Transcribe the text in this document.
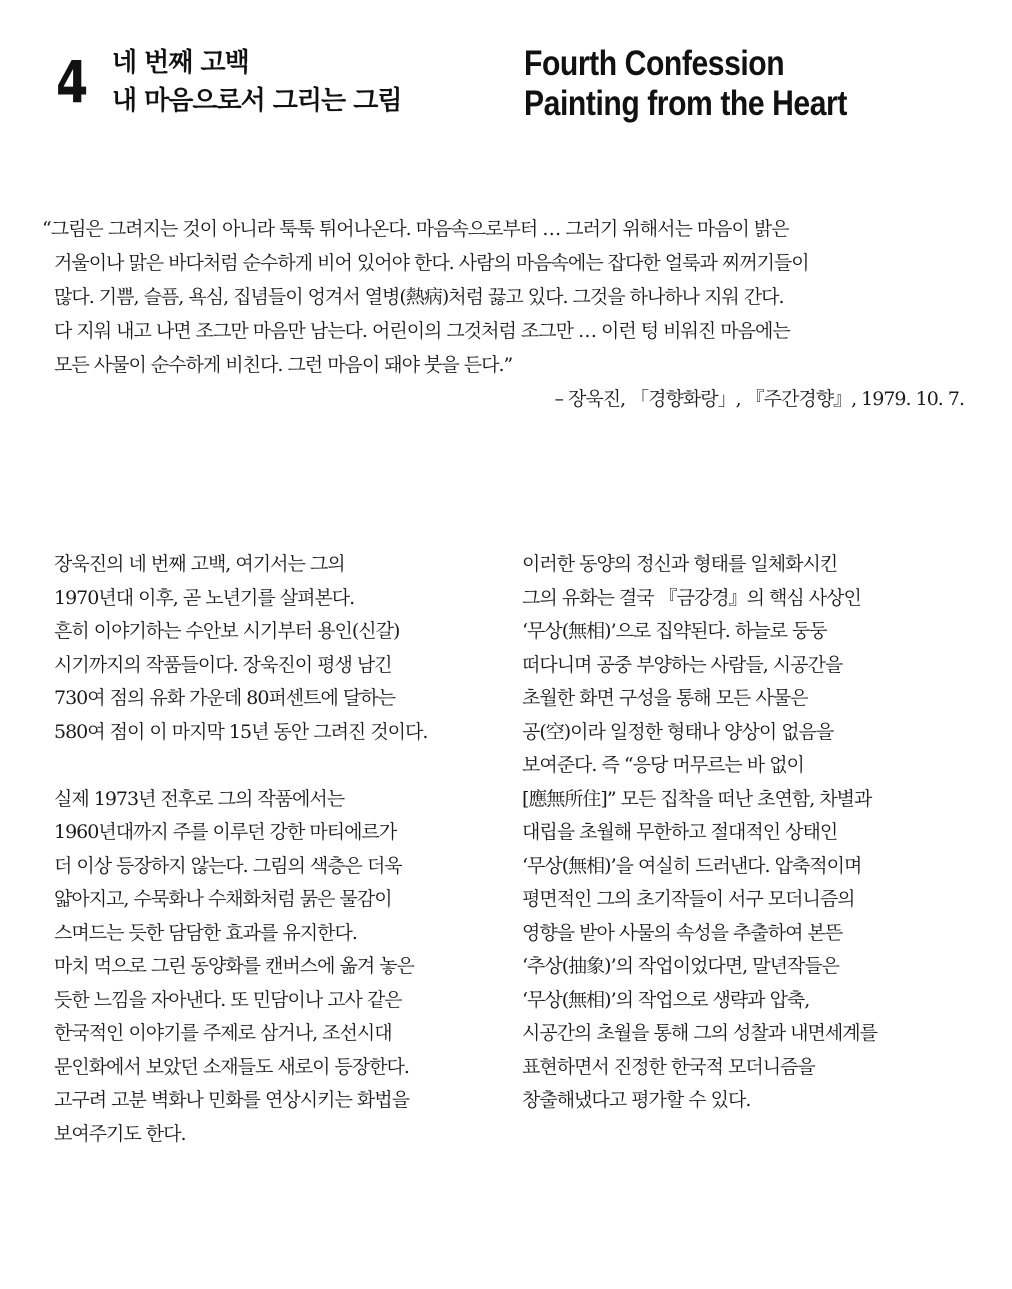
4 네 번째 고백
내 마음으로서 그리는 그림
Fourth Confession
Painting from the Heart
“그림은 그려지는 것이 아니라 툭툭 튀어나온다. 마음속으로부터 … 그러기 위해서는 마음이 밝은
거울이나 맑은 바다처럼 순수하게 비어 있어야 한다. 사람의 마음속에는 잡다한 얼룩과 찌꺼기들이
많다. 기쁨, 슬픔, 욕심, 집념들이 엉겨서 열병(熱病)처럼 끓고 있다. 그것을 하나하나 지워 간다.
다 지워 내고 나면 조그만 마음만 남는다. 어린이의 그것처럼 조그만 … 이런 텅 비워진 마음에는
모든 사물이 순수하게 비친다. 그런 마음이 돼야 붓을 든다.”
– 장욱진, 「경향화랑」, 『주간경향』, 1979. 10. 7.
장욱진의 네 번째 고백, 여기서는 그의
1970년대 이후, 곧 노년기를 살펴본다.
흔히 이야기하는 수안보 시기부터 용인(신갈)
시기까지의 작품들이다. 장욱진이 평생 남긴
730여 점의 유화 가운데 80퍼센트에 달하는
580여 점이 이 마지막 15년 동안 그려진 것이다.
실제 1973년 전후로 그의 작품에서는
1960년대까지 주를 이루던 강한 마티에르가
더 이상 등장하지 않는다. 그림의 색층은 더욱
얇아지고, 수묵화나 수채화처럼 묽은 물감이
스며드는 듯한 담담한 효과를 유지한다.
마치 먹으로 그린 동양화를 캔버스에 옮겨 놓은
듯한 느낌을 자아낸다. 또 민담이나 고사 같은
한국적인 이야기를 주제로 삼거나, 조선시대
문인화에서 보았던 소재들도 새로이 등장한다.
고구려 고분 벽화나 민화를 연상시키는 화법을
보여주기도 한다.
이러한 동양의 정신과 형태를 일체화시킨
그의 유화는 결국 『금강경』의 핵심 사상인
‘무상(無相)’으로 집약된다. 하늘로 둥둥
떠다니며 공중 부양하는 사람들, 시공간을
초월한 화면 구성을 통해 모든 사물은
공(空)이라 일정한 형태나 양상이 없음을
보여준다. 즉 “응당 머무르는 바 없이
[應無所住]” 모든 집착을 떠난 초연함, 차별과
대립을 초월해 무한하고 절대적인 상태인
‘무상(無相)’을 여실히 드러낸다. 압축적이며
평면적인 그의 초기작들이 서구 모더니즘의
영향을 받아 사물의 속성을 추출하여 본뜬
‘추상(抽象)’의 작업이었다면, 말년작들은
‘무상(無相)’의 작업으로 생략과 압축,
시공간의 초월을 통해 그의 성찰과 내면세계를
표현하면서 진정한 한국적 모더니즘을
창출해냈다고 평가할 수 있다.
